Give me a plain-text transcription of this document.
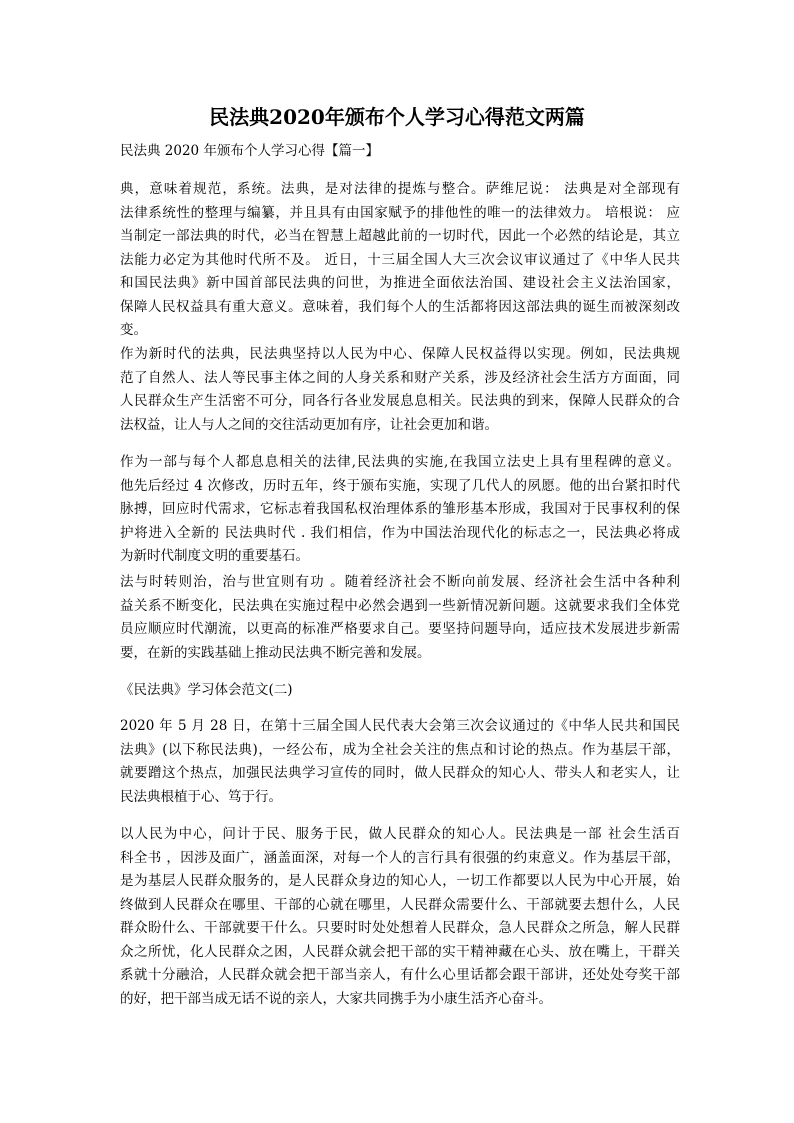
民法典2020年颁布个人学习心得范文两篇
民法典 2020 年颁布个人学习心得【篇一】
典，意味着规范，系统。法典，是对法律的提炼与整合。萨维尼说： 法典是对全部现有
法律系统性的整理与编纂，并且具有由国家赋予的排他性的唯一的法律效力。 培根说： 应
当制定一部法典的时代，必当在智慧上超越此前的一切时代，因此一个必然的结论是，其立
法能力必定为其他时代所不及。 近日，十三届全国人大三次会议审议通过了《中华人民共
和国民法典》新中国首部民法典的问世，为推进全面依法治国、建设社会主义法治国家，
保障人民权益具有重大意义。意味着，我们每个人的生活都将因这部法典的诞生而被深刻改
变。
作为新时代的法典，民法典坚持以人民为中心、保障人民权益得以实现。例如，民法典规
范了自然人、法人等民事主体之间的人身关系和财产关系，涉及经济社会生活方方面面，同
人民群众生产生活密不可分，同各行各业发展息息相关。民法典的到来，保障人民群众的合
法权益，让人与人之间的交往活动更加有序，让社会更加和谐。
作为一部与每个人都息息相关的法律,民法典的实施,在我国立法史上具有里程碑的意义。
他先后经过 4 次修改，历时五年，终于颁布实施，实现了几代人的夙愿。他的出台紧扣时代
脉搏，回应时代需求，它标志着我国私权治理体系的雏形基本形成，我国对于民事权利的保
护将进入全新的 民法典时代 . 我们相信，作为中国法治现代化的标志之一，民法典必将成
为新时代制度文明的重要基石。
法与时转则治，治与世宜则有功 。随着经济社会不断向前发展、经济社会生活中各种利
益关系不断变化，民法典在实施过程中必然会遇到一些新情况新问题。这就要求我们全体党
员应顺应时代潮流，以更高的标准严格要求自己。要坚持问题导向，适应技术发展进步新需
要，在新的实践基础上推动民法典不断完善和发展。
《民法典》学习体会范文(二)
2020 年 5 月 28 日，在第十三届全国人民代表大会第三次会议通过的《中华人民共和国民
法典》(以下称民法典)，一经公布，成为全社会关注的焦点和讨论的热点。作为基层干部，
就要蹭这个热点，加强民法典学习宣传的同时，做人民群众的知心人、带头人和老实人，让
民法典根植于心、笃于行。
以人民为中心，问计于民、服务于民，做人民群众的知心人。民法典是一部 社会生活百
科全书 ，因涉及面广，涵盖面深，对每一个人的言行具有很强的约束意义。作为基层干部，
是为基层人民群众服务的，是人民群众身边的知心人，一切工作都要以人民为中心开展，始
终做到人民群众在哪里、干部的心就在哪里，人民群众需要什么、干部就要去想什么，人民
群众盼什么、干部就要干什么。只要时时处处想着人民群众，急人民群众之所急，解人民群
众之所忧，化人民群众之困，人民群众就会把干部的实干精神藏在心头、放在嘴上，干群关
系就十分融洽，人民群众就会把干部当亲人，有什么心里话都会跟干部讲，还处处夸奖干部
的好，把干部当成无话不说的亲人，大家共同携手为小康生活齐心奋斗。
